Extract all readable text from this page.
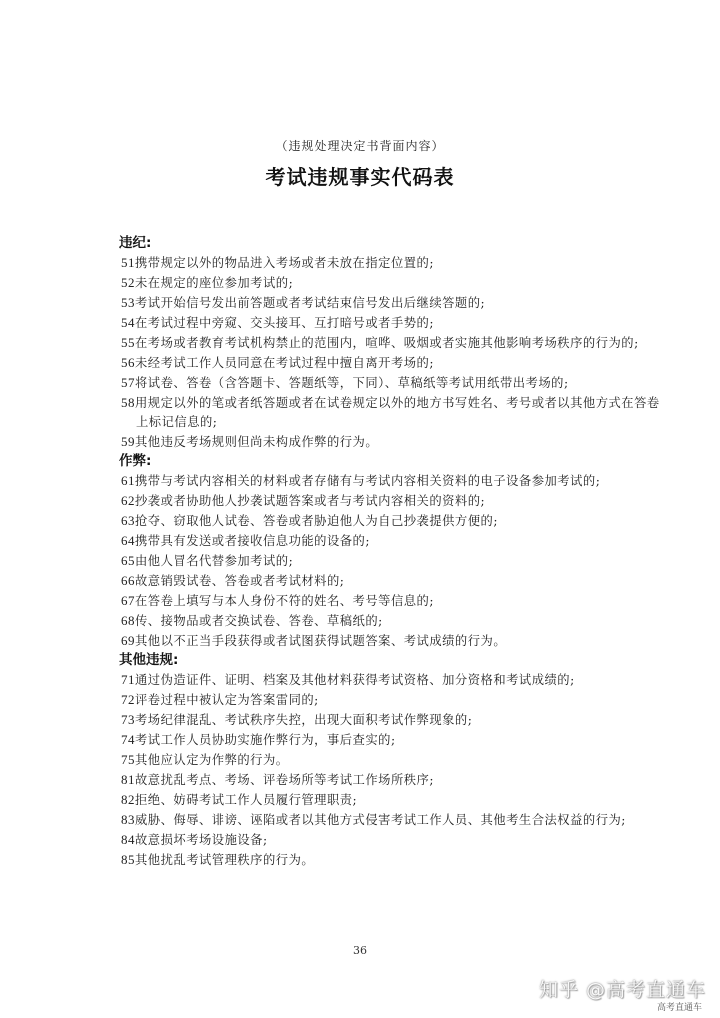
（违规处理决定书背面内容）
考试违规事实代码表
违纪:
51携带规定以外的物品进入考场或者未放在指定位置的;
52未在规定的座位参加考试的;
53考试开始信号发出前答题或者考试结束信号发出后继续答题的;
54在考试过程中旁窥、交头接耳、互打暗号或者手势的;
55在考场或者教育考试机构禁止的范围内，喧哗、吸烟或者实施其他影响考场秩序的行为的;
56未经考试工作人员同意在考试过程中擅自离开考场的;
57将试卷、答卷（含答题卡、答题纸等，下同）、草稿纸等考试用纸带出考场的;
58用规定以外的笔或者纸答题或者在试卷规定以外的地方书写姓名、考号或者以其他方式在答卷上标记信息的;
59其他违反考场规则但尚未构成作弊的行为。
作弊:
61携带与考试内容相关的材料或者存储有与考试内容相关资料的电子设备参加考试的;
62抄袭或者协助他人抄袭试题答案或者与考试内容相关的资料的;
63抢夺、窃取他人试卷、答卷或者胁迫他人为自己抄袭提供方便的;
64携带具有发送或者接收信息功能的设备的;
65由他人冒名代替参加考试的;
66故意销毁试卷、答卷或者考试材料的;
67在答卷上填写与本人身份不符的姓名、考号等信息的;
68传、接物品或者交换试卷、答卷、草稿纸的;
69其他以不正当手段获得或者试图获得试题答案、考试成绩的行为。
其他违规:
71通过伪造证件、证明、档案及其他材料获得考试资格、加分资格和考试成绩的;
72评卷过程中被认定为答案雷同的;
73考场纪律混乱、考试秩序失控，出现大面积考试作弊现象的;
74考试工作人员协助实施作弊行为，事后查实的;
75其他应认定为作弊的行为。
81故意扰乱考点、考场、评卷场所等考试工作场所秩序;
82拒绝、妨碍考试工作人员履行管理职责;
83威胁、侮辱、诽谤、诬陷或者以其他方式侵害考试工作人员、其他考生合法权益的行为;
84故意损坏考场设施设备;
85其他扰乱考试管理秩序的行为。
36
知乎 @高考直通车
高考直通车
